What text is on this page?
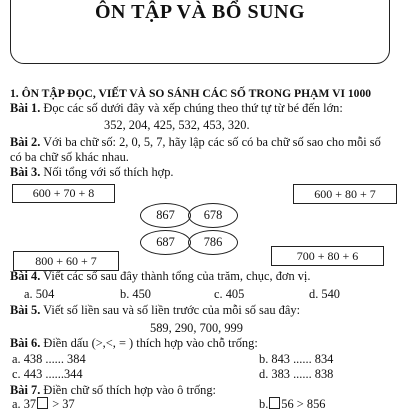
ÔN TẬP VÀ BỔ SUNG
1. ÔN TẬP ĐỌC, VIẾT VÀ SO SÁNH CÁC SỐ TRONG PHẠM VI 1000
Bài 1. Đọc các số dưới đây và xếp chúng theo thứ tự từ bé đến lớn:
352, 204, 425, 532, 453, 320.
Bài 2. Với ba chữ số: 2, 0, 5, 7, hãy lập các số có ba chữ số sao cho mỗi số
có ba chữ số khác nhau.
Bài 3. Nối tổng với số thích hợp.
600 + 70 + 8	600 + 80 + 7
800 + 60 + 7	700 + 80 + 6
867	678
687	786
Bài 4. Viết các số sau đây thành tổng của trăm, chục, đơn vị.
a. 504	b. 450	c. 405	d. 540
Bài 5. Viết số liền sau và số liền trước của mỗi số sau đây:
589, 290, 700, 999
Bài 6. Điền dấu (>,<, = ) thích hợp vào chỗ trống:
a. 438 ...... 384	b. 843 ...... 834
c. 443 ......344	d. 383 ...... 838
Bài 7. Điền chữ số thích hợp vào ô trống:
a. 37 > 37	b. 56 > 856
